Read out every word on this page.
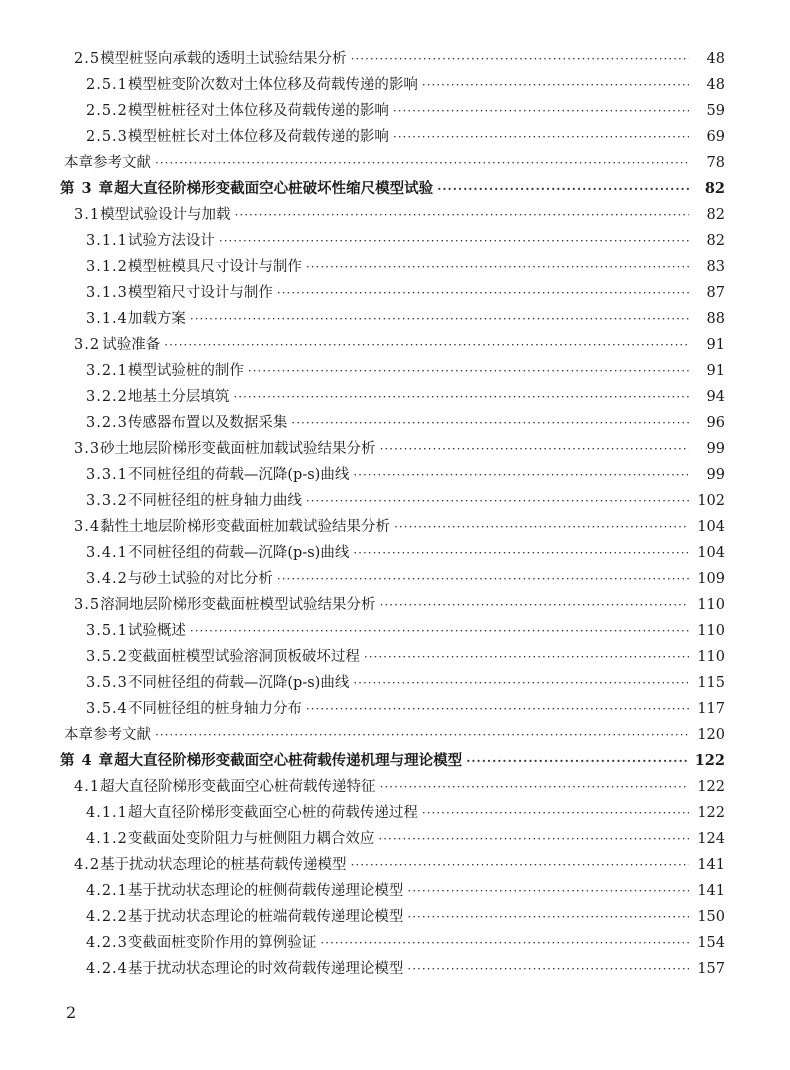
2.5 模型桩竖向承载的透明土试验结果分析 ·····	48
2.5.1 模型桩变阶次数对土体位移及荷载传递的影响 ·····	48
2.5.2 模型桩桩径对土体位移及荷载传递的影响 ·····	59
2.5.3 模型桩桩长对土体位移及荷载传递的影响 ·····	69
本章参考文献 ·····	78
第 3 章 超大直径阶梯形变截面空心桩破坏性缩尺模型试验 ·····	82
3.1 模型试验设计与加载 ·····	82
3.1.1 试验方法设计 ·····	82
3.1.2 模型桩模具尺寸设计与制作 ·····	83
3.1.3 模型箱尺寸设计与制作 ·····	87
3.1.4 加载方案 ·····	88
3.2 试验准备 ·····	91
3.2.1 模型试验桩的制作 ·····	91
3.2.2 地基土分层填筑 ·····	94
3.2.3 传感器布置以及数据采集 ·····	96
3.3 砂土地层阶梯形变截面桩加载试验结果分析 ·····	99
3.3.1 不同桩径组的荷载—沉降(p-s)曲线 ·····	99
3.3.2 不同桩径组的桩身轴力曲线 ·····	102
3.4 黏性土地层阶梯形变截面桩加载试验结果分析 ·····	104
3.4.1 不同桩径组的荷载—沉降(p-s)曲线 ·····	104
3.4.2 与砂土试验的对比分析 ·····	109
3.5 溶洞地层阶梯形变截面桩模型试验结果分析 ·····	110
3.5.1 试验概述 ·····	110
3.5.2 变截面桩模型试验溶洞顶板破坏过程 ·····	110
3.5.3 不同桩径组的荷载—沉降(p-s)曲线 ·····	115
3.5.4 不同桩径组的桩身轴力分布 ·····	117
本章参考文献 ·····	120
第 4 章 超大直径阶梯形变截面空心桩荷载传递机理与理论模型 ·····	122
4.1 超大直径阶梯形变截面空心桩荷载传递特征 ·····	122
4.1.1 超大直径阶梯形变截面空心桩的荷载传递过程 ·····	122
4.1.2 变截面处变阶阻力与桩侧阻力耦合效应 ·····	124
4.2 基于扰动状态理论的桩基荷载传递模型 ·····	141
4.2.1 基于扰动状态理论的桩侧荷载传递理论模型 ·····	141
4.2.2 基于扰动状态理论的桩端荷载传递理论模型 ·····	150
4.2.3 变截面桩变阶作用的算例验证 ·····	154
4.2.4 基于扰动状态理论的时效荷载传递理论模型 ·····	157
2
